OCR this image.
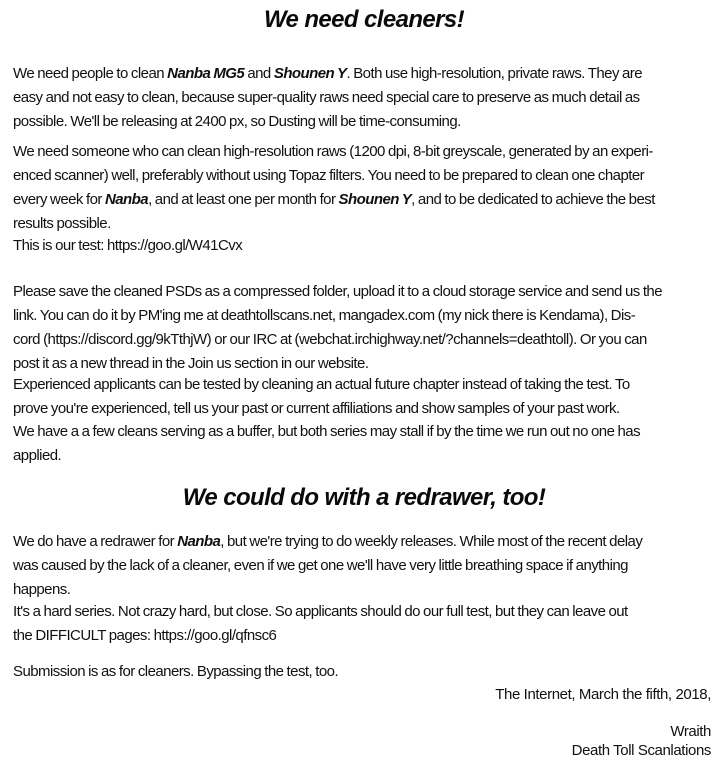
We need cleaners!
We need people to clean Nanba MG5 and Shounen Y. Both use high-resolution, private raws. They are
easy and not easy to clean, because super-quality raws need special care to preserve as much detail as
possible. We'll be releasing at 2400 px, so Dusting will be time-consuming.
We need someone who can clean high-resolution raws (1200 dpi, 8-bit greyscale, generated by an experi-
enced scanner) well, preferably without using Topaz filters. You need to be prepared to clean one chapter
every week for Nanba, and at least one per month for Shounen Y, and to be dedicated to achieve the best
results possible.
This is our test: https://goo.gl/W41Cvx
Please save the cleaned PSDs as a compressed folder, upload it to a cloud storage service and send us the
link. You can do it by PM'ing me at deathtollscans.net, mangadex.com (my nick there is Kendama), Dis-
cord (https://discord.gg/9kTthjW) or our IRC at (webchat.irchighway.net/?channels=deathtoll). Or you can
post it as a new thread in the Join us section in our website.
Experienced applicants can be tested by cleaning an actual future chapter instead of taking the test. To
prove you're experienced, tell us your past or current affiliations and show samples of your past work.
We have a a few cleans serving as a buffer, but both series may stall if by the time we run out no one has
applied.
We could do with a redrawer, too!
We do have a redrawer for Nanba, but we're trying to do weekly releases. While most of the recent delay
was caused by the lack of a cleaner, even if we get one we'll have very little breathing space if anything
happens.
It's a hard series. Not crazy hard, but close. So applicants should do our full test, but they can leave out
the DIFFICULT pages: https://goo.gl/qfnsc6
Submission is as for cleaners. Bypassing the test, too.

The Internet, March the fifth, 2018,

Wraith

Death Toll Scanlations
